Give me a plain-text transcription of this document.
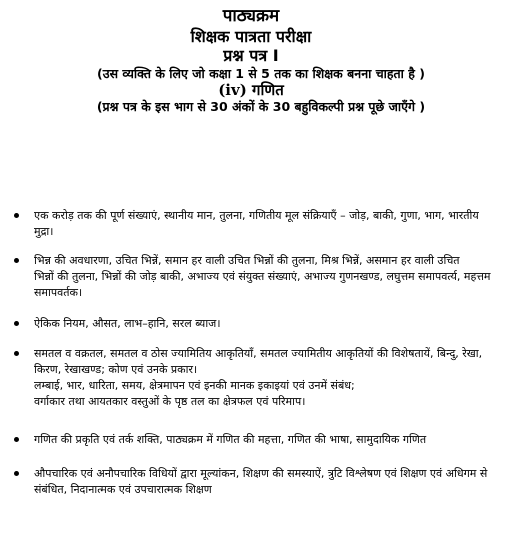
पाठ्यक्रम
शिक्षक पात्रता परीक्षा
प्रश्न पत्र I
(उस व्यक्ति के लिए जो कक्षा 1 से 5 तक का शिक्षक बनना चाहता है )
(iv) गणित
(प्रश्न पत्र के इस भाग से 30 अंकों के 30 बहुविकल्पी प्रश्न पूछे जाएँगे )
एक करोड़ तक की पूर्ण संख्याएं, स्थानीय मान, तुलना, गणितीय मूल संक्रियाएँ – जोड़, बाकी, गुणा, भाग, भारतीय
मुद्रा।
भिन्न की अवधारणा, उचित भिन्नें, समान हर वाली उचित भिन्नों की तुलना, मिश्र भिन्नें, असमान हर वाली उचित
भिन्नों की तुलना, भिन्नों की जोड़ बाकी, अभाज्य एवं संयुक्त संख्याएं, अभाज्य गुणनखण्ड, लघुत्तम समापवर्त्य, महत्तम
समापवर्तक।
ऐकिक नियम, औसत, लाभ–हानि, सरल ब्याज।
समतल व वक्रतल, समतल व ठोस ज्यामितिय आकृतियाँ, समतल ज्यामितीय आकृतियों की विशेषतायें, बिन्दु, रेखा,
किरण, रेखाखण्ड; कोण एवं उनके प्रकार।
लम्बाई, भार, धारिता, समय, क्षेत्रमापन एवं इनकी मानक इकाइयां एवं उनमें संबंध;
वर्गाकार तथा आयतकार वस्तुओं के पृष्ठ तल का क्षेत्रफल एवं परिमाप।
गणित की प्रकृति एवं तर्क शक्ति, पाठ्यक्रम में गणित की महत्ता, गणित की भाषा, सामुदायिक गणित
औपचारिक एवं अनौपचारिक विधियों द्वारा मूल्यांकन, शिक्षण की समस्याऐं, त्रुटि विश्लेषण एवं शिक्षण एवं अधिगम से
संबंधित, निदानात्मक एवं उपचारात्मक शिक्षण
